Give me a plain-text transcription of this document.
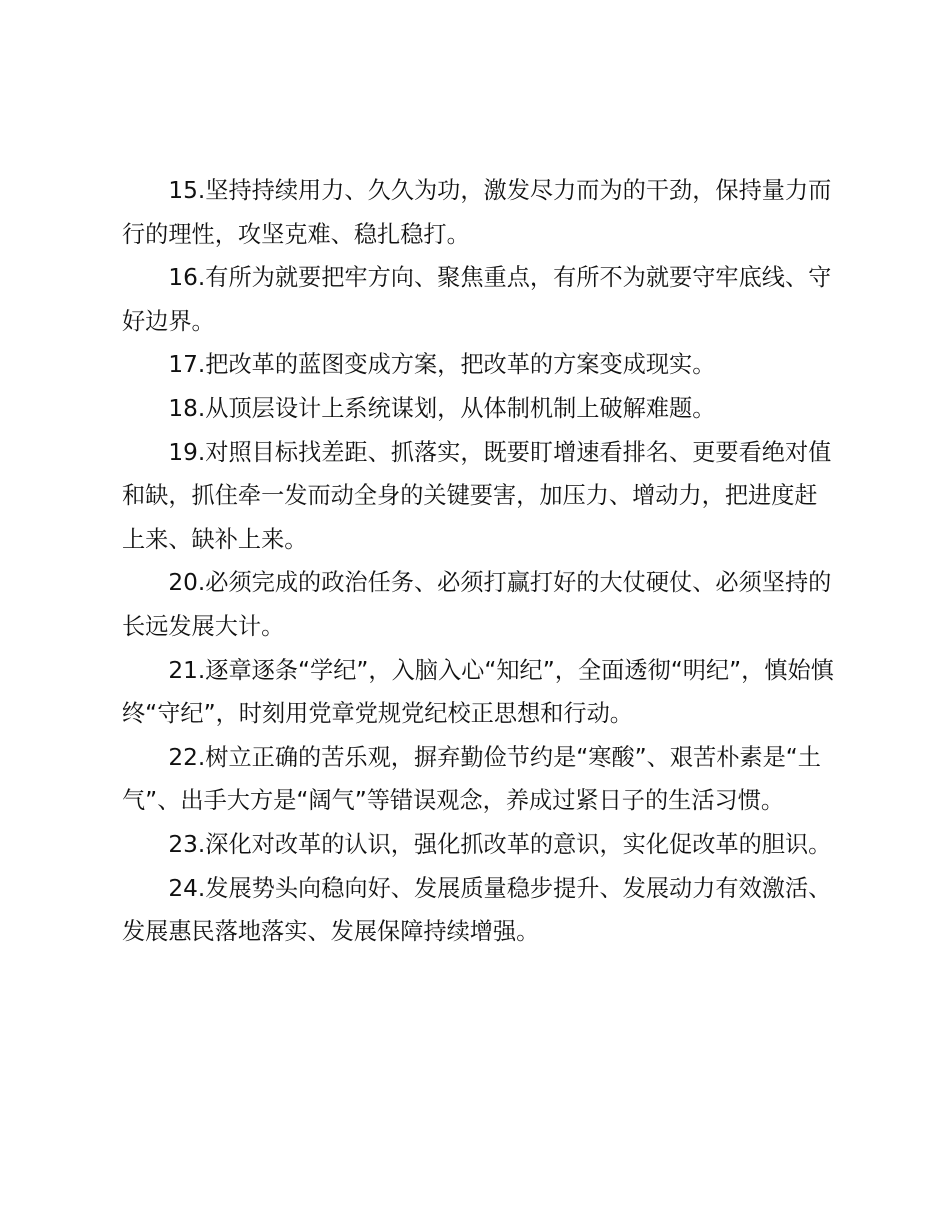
15.坚持持续用力、久久为功，激发尽力而为的干劲，保持量力而行的理性，攻坚克难、稳扎稳打。

16.有所为就要把牢方向、聚焦重点，有所不为就要守牢底线、守好边界。

17.把改革的蓝图变成方案，把改革的方案变成现实。

18.从顶层设计上系统谋划，从体制机制上破解难题。

19.对照目标找差距、抓落实，既要盯增速看排名、更要看绝对值和缺，抓住牵一发而动全身的关键要害，加压力、增动力，把进度赶上来、缺补上来。

20.必须完成的政治任务、必须打赢打好的大仗硬仗、必须坚持的长远发展大计。

21.逐章逐条“学纪”，入脑入心“知纪”，全面透彻“明纪”，慎始慎终“守纪”，时刻用党章党规党纪校正思想和行动。

22.树立正确的苦乐观，摒弃勤俭节约是“寒酸”、艰苦朴素是“土气”、出手大方是“阔气”等错误观念，养成过紧日子的生活习惯。

23.深化对改革的认识，强化抓改革的意识，实化促改革的胆识。

24.发展势头向稳向好、发展质量稳步提升、发展动力有效激活、发展惠民落地落实、发展保障持续增强。
